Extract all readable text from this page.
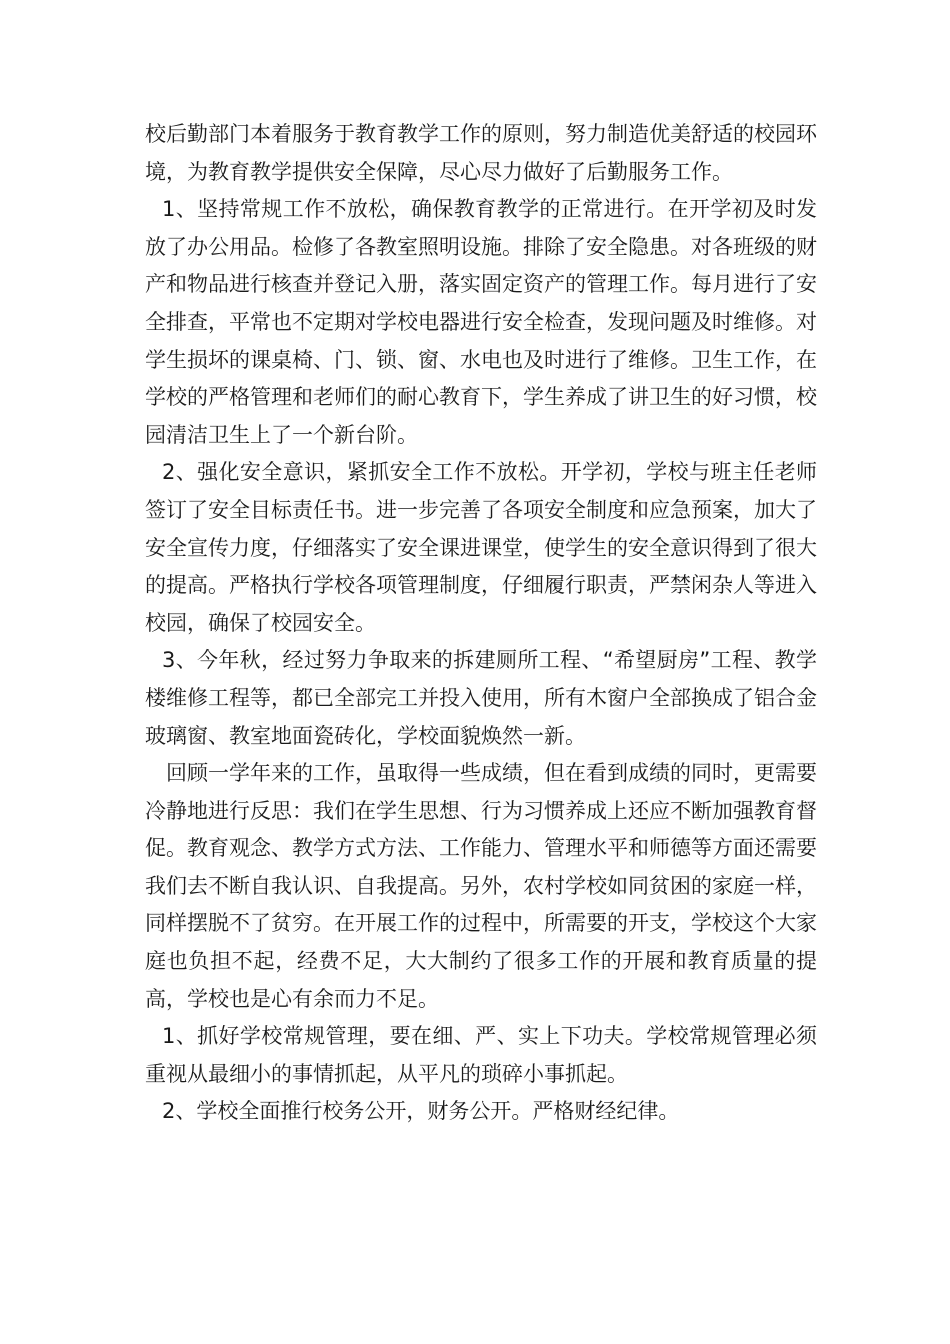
校后勤部门本着服务于教育教学工作的原则，努力制造优美舒适的校园环境，为教育教学提供安全保障，尽心尽力做好了后勤服务工作。

1、坚持常规工作不放松，确保教育教学的正常进行。在开学初及时发放了办公用品。检修了各教室照明设施。排除了安全隐患。对各班级的财产和物品进行核查并登记入册，落实固定资产的管理工作。每月进行了安全排查，平常也不定期对学校电器进行安全检查，发现问题及时维修。对学生损坏的课桌椅、门、锁、窗、水电也及时进行了维修。卫生工作，在学校的严格管理和老师们的耐心教育下，学生养成了讲卫生的好习惯，校园清洁卫生上了一个新台阶。

2、强化安全意识，紧抓安全工作不放松。开学初，学校与班主任老师签订了安全目标责任书。进一步完善了各项安全制度和应急预案，加大了安全宣传力度，仔细落实了安全课进课堂，使学生的安全意识得到了很大的提高。严格执行学校各项管理制度，仔细履行职责，严禁闲杂人等进入校园，确保了校园安全。

3、今年秋，经过努力争取来的拆建厕所工程、“希望厨房”工程、教学楼维修工程等，都已全部完工并投入使用，所有木窗户全部换成了铝合金玻璃窗、教室地面瓷砖化，学校面貌焕然一新。

回顾一学年来的工作，虽取得一些成绩，但在看到成绩的同时，更需要冷静地进行反思：我们在学生思想、行为习惯养成上还应不断加强教育督促。教育观念、教学方式方法、工作能力、管理水平和师德等方面还需要我们去不断自我认识、自我提高。另外，农村学校如同贫困的家庭一样，同样摆脱不了贫穷。在开展工作的过程中，所需要的开支，学校这个大家庭也负担不起，经费不足，大大制约了很多工作的开展和教育质量的提高，学校也是心有余而力不足。

1、抓好学校常规管理，要在细、严、实上下功夫。学校常规管理必须重视从最细小的事情抓起，从平凡的琐碎小事抓起。

2、学校全面推行校务公开，财务公开。严格财经纪律。
